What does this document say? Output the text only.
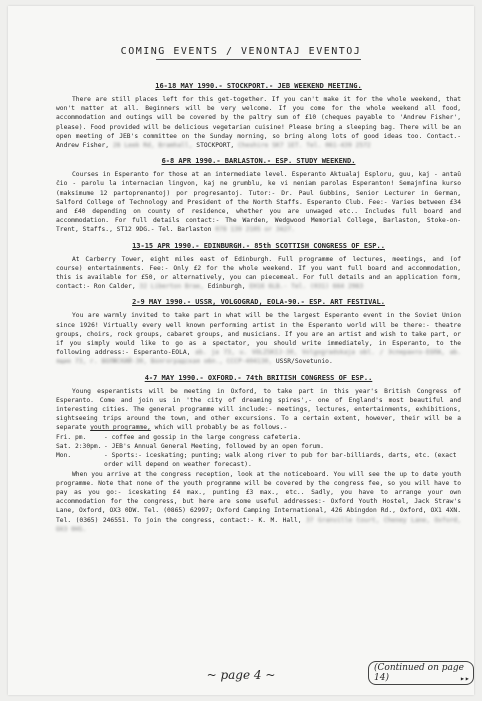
COMING EVENTS / VENONTAJ EVENTOJ
16-18 MAY 1990.- STOCKPORT.- JEB WEEKEND MEETING.

There are still places left for this get-together. If you can't make it for the whole weekend, that won't matter at all. Beginners will be very welcome. If you come for the whole weekend all food, accommodation and outings will be covered by the paltry sum of £10 (cheques payable to 'Andrew Fisher', please). Food provided will be delicious vegetarian cuisine! Please bring a sleeping bag. There will be an open meeting of JEB's committee on the Sunday morning, so bring along lots of good ideas too. Contact.- Andrew Fisher, 28 Leek Rd, Bramhall, STOCKPORT, Cheshire SK7 1ET. Tel. 061-439 2572

6-8 APR 1990.- BARLASTON.- ESP. STUDY WEEKEND.

Courses in Esperanto for those at an intermediate level. Esperanto Aktualaj Esploru, guu, kaj - antaŭ ĉio - parolu la internacian lingvon, kaj ne grumblu, ke vi neniam parolas Esperanton! Semajnfina kurso (maksimume 12 partoprenantoj) por progresantoj. Tutor:- Dr. Paul Gubbins, Senior Lecturer in German, Salford College of Technology and President of the North Staffs. Esperanto Club. Fee:- Varies between £34 and £40 depending on county of residence, whether you are unwaged etc.. Includes full board and accommodation. For full details contact:- The Warden, Wedgwood Memorial College, Barlaston, Stoke-on-Trent, Staffs., ST12 9DG.- Tel. Barlaston 078 139 2105 or 3427.

13-15 APR 1990.- EDINBURGH.- 85th SCOTTISH CONGRESS OF ESP..

At Carberry Tower, eight miles east of Edinburgh. Full programme of lectures, meetings, and (of course) entertainments. Fee:- Only £2 for the whole weekend. If you want full board and accommodation, this is available for £50, or alternatively, you can piecemeal. For full details and an application form, contact:- Ron Calder, 32 Liberton Brae, Edinburgh, EH16 6LB.- Tel. (031) 664 2983

2-9 MAY 1990.- USSR, VOLGOGRAD, EOLA-90.- ESP. ART FESTIVAL.

You are warmly invited to take part in what will be the largest Esperanto event in the Soviet Union since 1926! Virtually every well known performing artist in the Esperanto world will be there:- theatre groups, choirs, rock groups, cabaret groups, and musicians. If you are an artist and wish to take part, or if you simply would like to go as a spectator, you should write immediately, in Esperanto, to the following address:- Esperanto-EOLA, ab. ja 73, u. VOLZSKIJ-30, Volgogradskaja obl. / Эсперанто-ЕОЛА, ab. ящик 73, г. ВОЛЖСКИЙ-30, Волгоградская обл., СССР-404130, USSR/Sovetunio.

4-7 MAY 1990.- OXFORD.- 74th BRITISH CONGRESS OF ESP..

Young esperantists will be meeting in Oxford, to take part in this year's British Congress of Esperanto. Come and join us in 'the city of dreaming spires',- one of England's most beautiful and interesting cities. The general programme will include:- meetings, lectures, entertainments, exhibitions, sightseeing trips around the town, and other excursions. To a certain extent, however, their will be a separate youth programme, which will probably be as follows.-

Fri. pm.	- coffee and gossip in the large congress cafeteria.
Sat. 2:30pm. - JEB's Annual General Meeting, followed by an open forum.
Mon.	- Sports:- iceskating; punting; walk along river to pub for bar-billiards, darts, etc. (exact order will depend on weather forecast).

When you arrive at the congress reception, look at the noticeboard. You will see the up to date youth programme. Note that none of the youth programme will be covered by the congress fee, so you will have to pay as you go:- iceskating £4 max., punting £3 max., etc.. Sadly, you have to arrange your own accommodation for the congress, but here are some useful addresses:- Oxford Youth Hostel, Jack Straw's Lane, Oxford, OX3 0DW. Tel. (0865) 62997; Oxford Camping International, 426 Abingdon Rd., Oxford, OX1 4XN. Tel. (0365) 246551. To join the congress, contact:- K. M. Hall, 37 Granville Court, Cheney Lane, Oxford, OX3 0HS.

~ page 4 ~	(Continued on page 14)	▸▸
